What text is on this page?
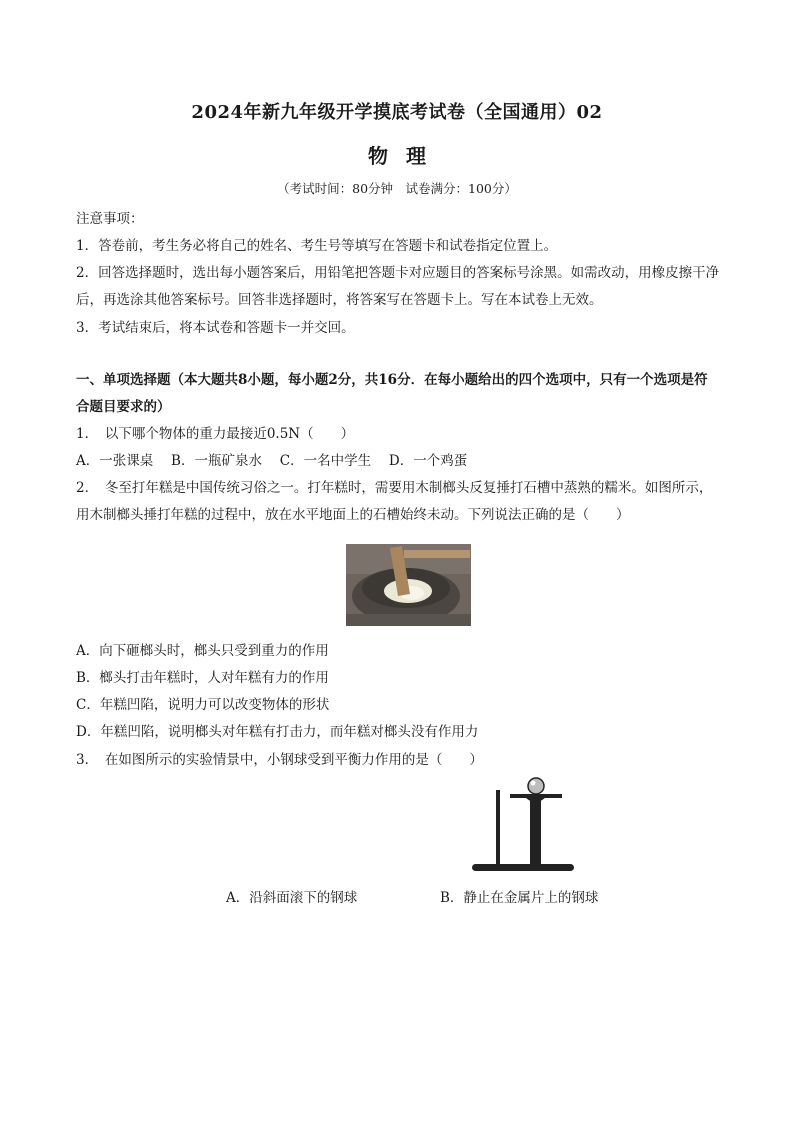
2024年新九年级开学摸底考试卷（全国通用）02
物理
（考试时间：80分钟　试卷满分：100分）
注意事项：
1．答卷前，考生务必将自己的姓名、考生号等填写在答题卡和试卷指定位置上。
2．回答选择题时，选出每小题答案后，用铅笔把答题卡对应题目的答案标号涂黑。如需改动，用橡皮擦干净
后，再选涂其他答案标号。回答非选择题时，将答案写在答题卡上。写在本试卷上无效。
3．考试结束后，将本试卷和答题卡一并交回。
一、单项选择题（本大题共8小题，每小题2分，共16分．在每小题给出的四个选项中，只有一个选项是符
合题目要求的）
1．　以下哪个物体的重力最接近0.5N（　　）
A．一张课桌　 B．一瓶矿泉水　 C．一名中学生　 D．一个鸡蛋
2．　冬至打年糕是中国传统习俗之一。打年糕时，需要用木制榔头反复捶打石槽中蒸熟的糯米。如图所示，
用木制榔头捶打年糕的过程中，放在水平地面上的石槽始终未动。下列说法正确的是（　　）
A．向下砸榔头时，榔头只受到重力的作用
B．榔头打击年糕时，人对年糕有力的作用
C．年糕凹陷，说明力可以改变物体的形状
D．年糕凹陷，说明榔头对年糕有打击力，而年糕对榔头没有作用力
3．　在如图所示的实验情景中，小钢球受到平衡力作用的是（　　）
A．沿斜面滚下的钢球	B．静止在金属片上的钢球
